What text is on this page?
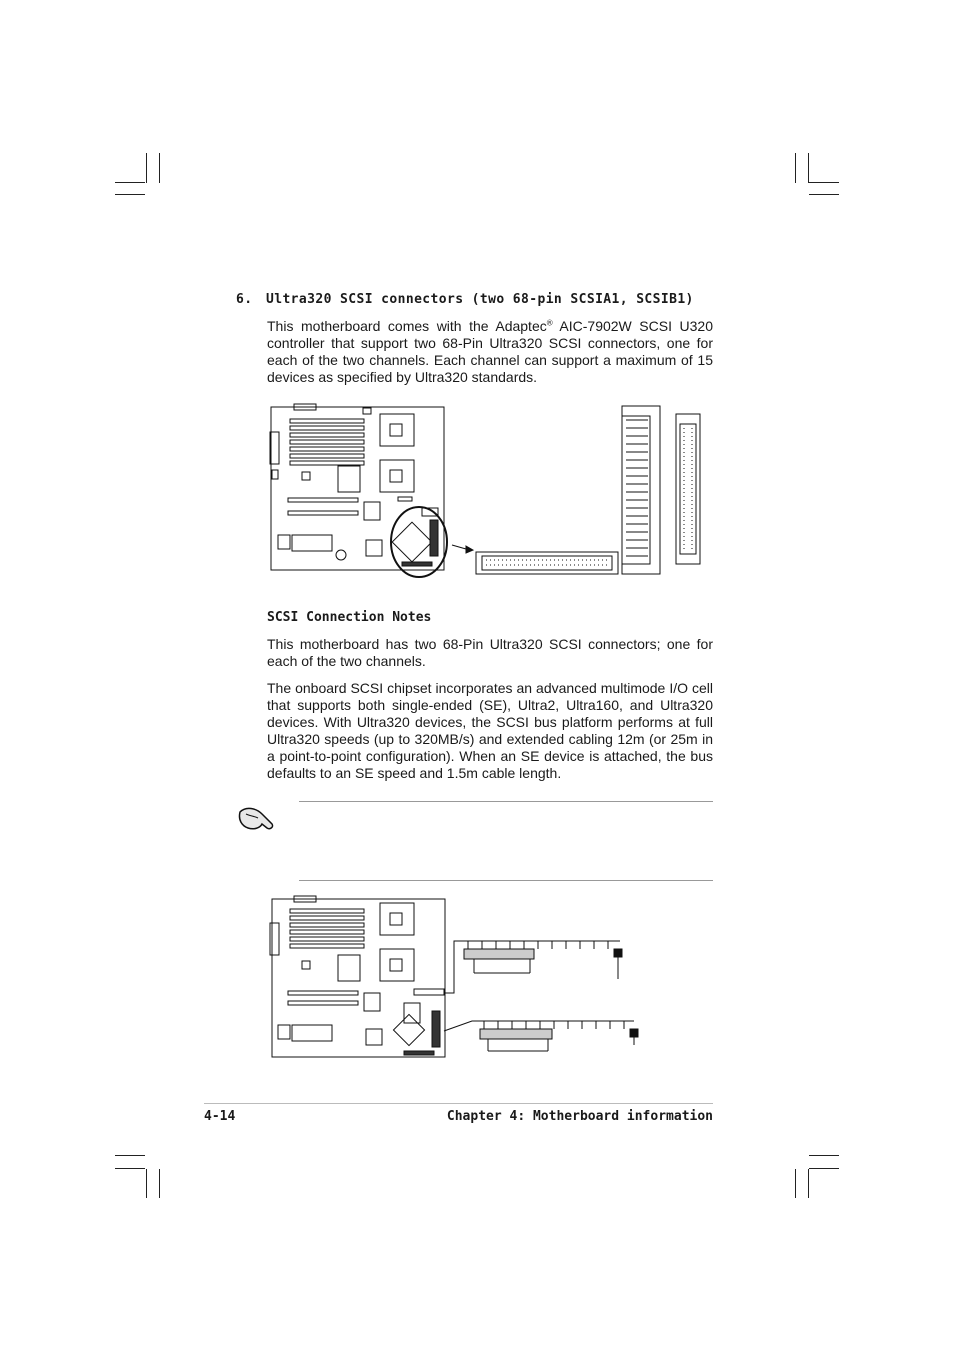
6. Ultra320 SCSI connectors (two 68-pin SCSIA1, SCSIB1)

This motherboard comes with the Adaptec® AIC-7902W SCSI U320 controller that support two 68-Pin Ultra320 SCSI connectors, one for each of the two channels. Each channel can support a maximum of 15 devices as specified by Ultra320 standards.

SCSI Connection Notes

This motherboard has two 68-Pin Ultra320 SCSI connectors; one for each of the two channels.

The onboard SCSI chipset incorporates an advanced multimode I/O cell that supports both single-ended (SE), Ultra2, Ultra160, and Ultra320 devices. With Ultra320 devices, the SCSI bus platform performs at full Ultra320 speeds (up to 320MB/s) and extended cabling 12m (or 25m in a point-to-point configuration). When an SE device is attached, the bus defaults to an SE speed and 1.5m cable length.

4-14	Chapter 4: Motherboard information
